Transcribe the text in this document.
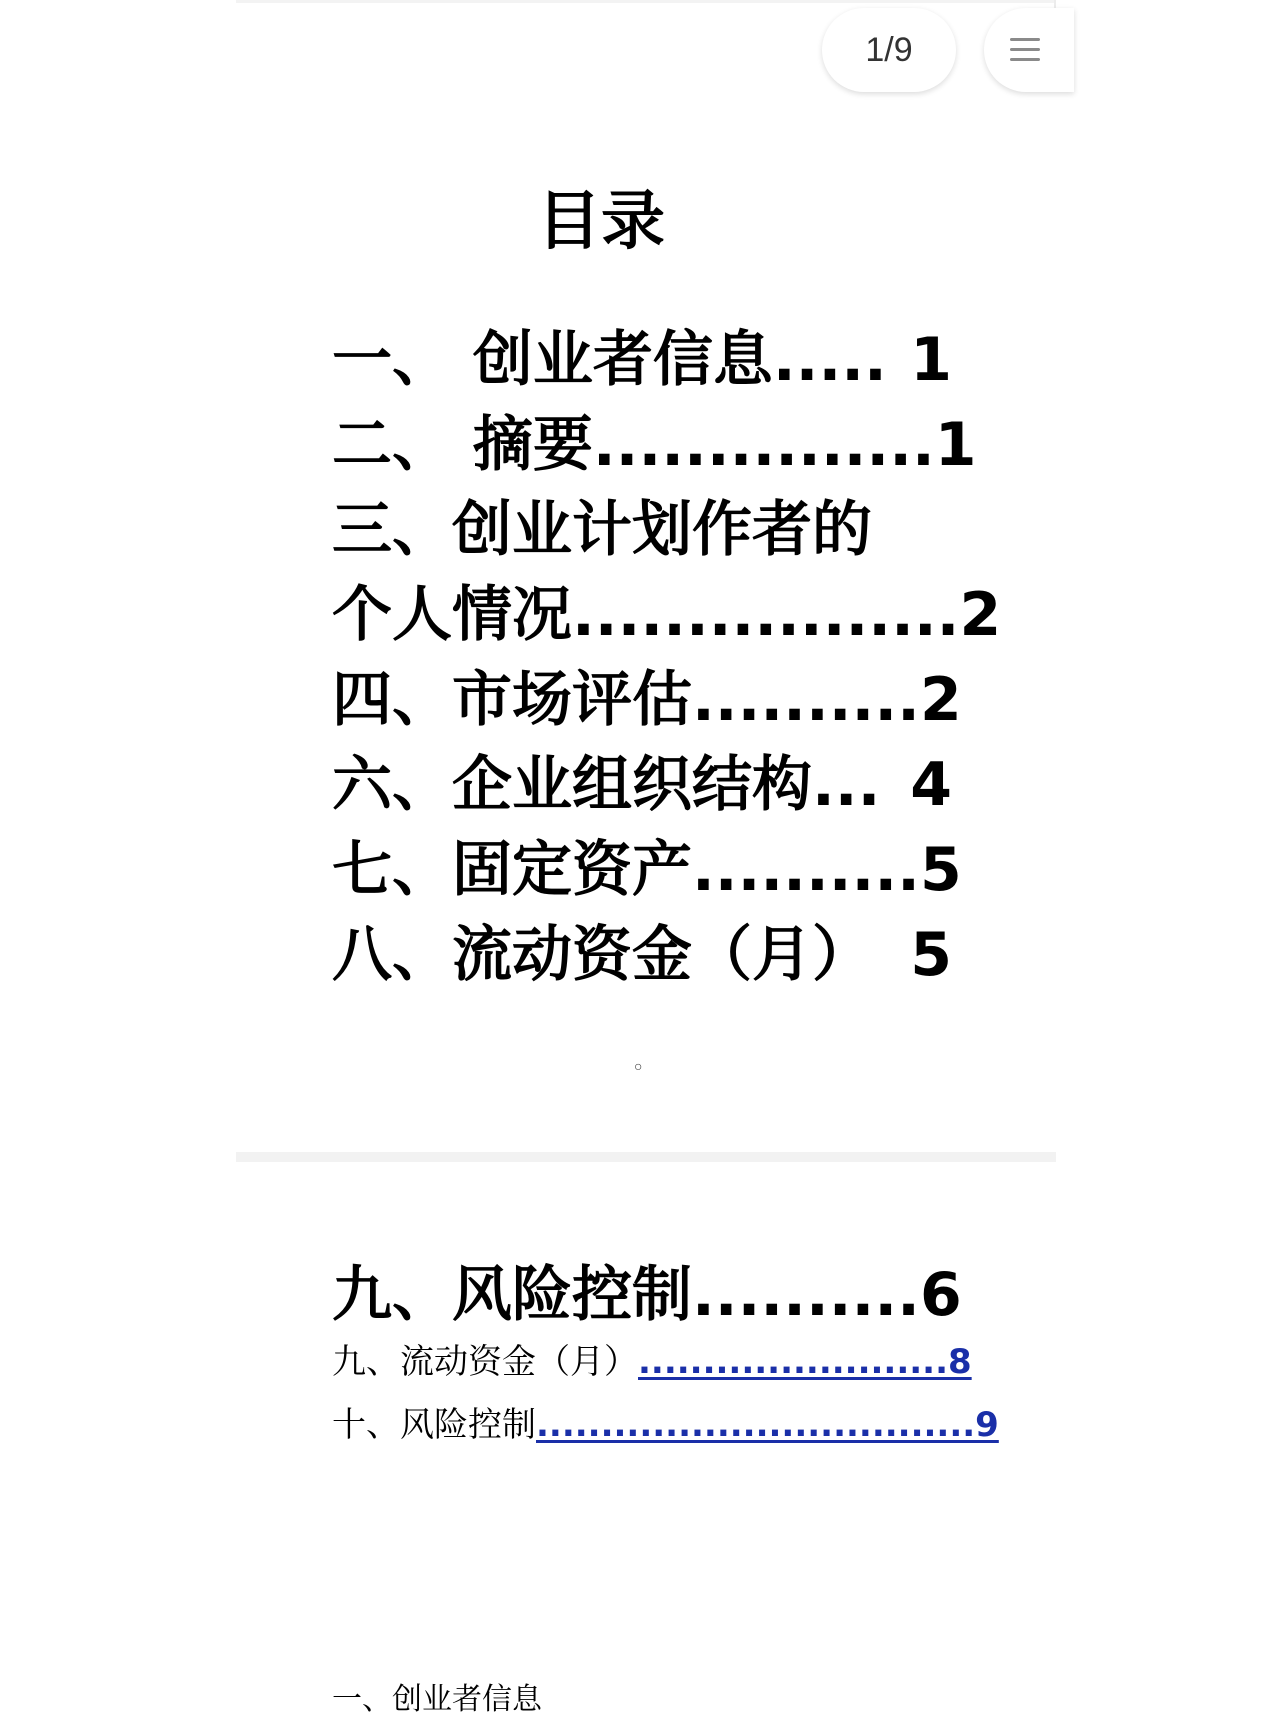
1/9
目录
一、 创业者信息..... 1
二、 摘要............... 1
三、创业计划作者的
个人情况................. 2
四、市场评估.......... 2
六、企业组织结构... 4
七、固定资产.......... 5
八、流动资金（月） 5
○
九、风险控制.......... 6
九、流动资金（月） ........................8
十、风险控制 ..................................9
一、创业者信息
